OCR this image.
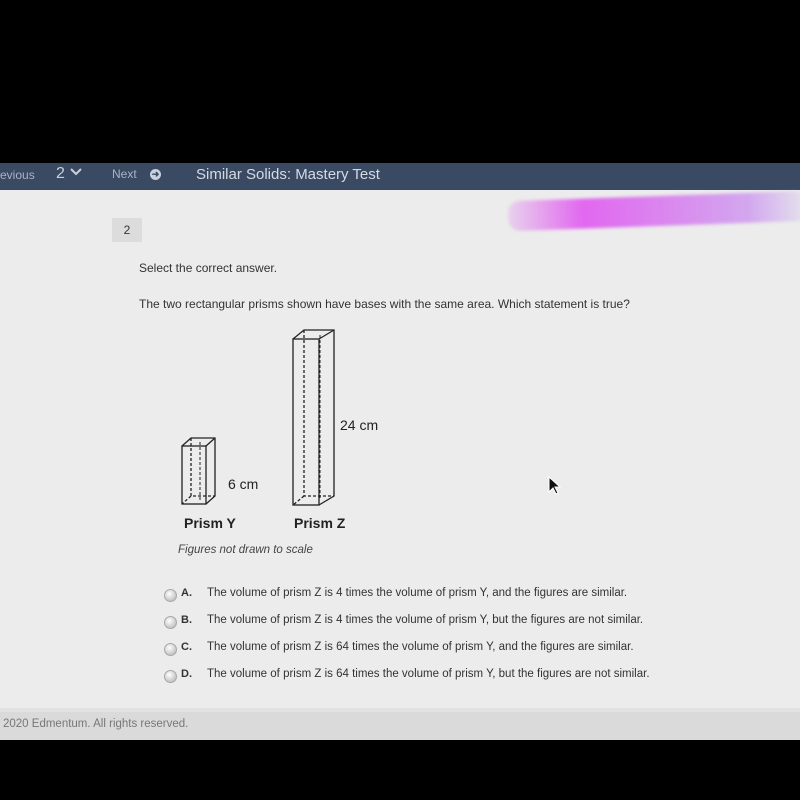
evious 2	Next ➜ Similar Solids: Mastery Test
2
Select the correct answer.
The two rectangular prisms shown have bases with the same area. Which statement is true?
6 cm
Prism Y
24 cm
Prism Z
Figures not drawn to scale
A. The volume of prism Z is 4 times the volume of prism Y, and the figures are similar.
B. The volume of prism Z is 4 times the volume of prism Y, but the figures are not similar.
C. The volume of prism Z is 64 times the volume of prism Y, and the figures are similar.
D. The volume of prism Z is 64 times the volume of prism Y, but the figures are not similar.
2020 Edmentum. All rights reserved.
